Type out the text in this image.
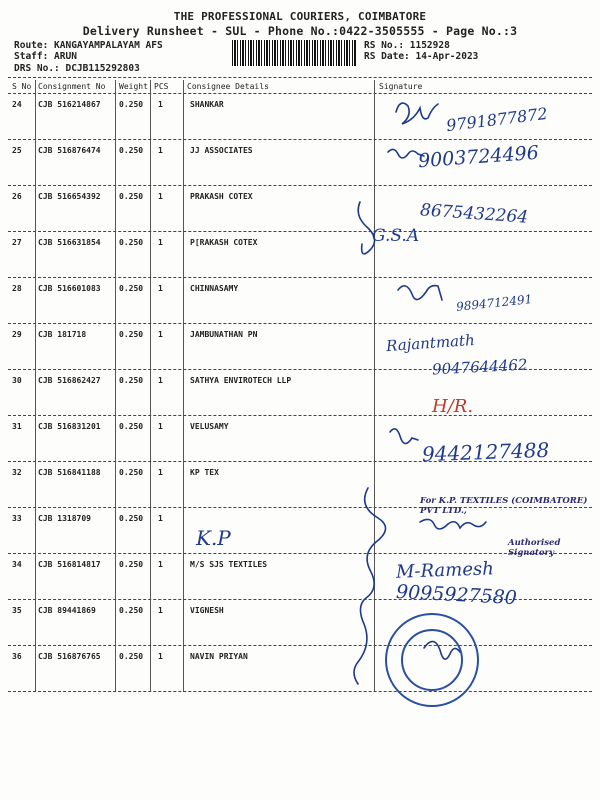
THE PROFESSIONAL COURIERS, COIMBATORE
Delivery Runsheet - SUL - Phone No.:0422-3505555 - Page No.:3
Route: KANGAYAMPALAYAM AFS
Staff: ARUN
DRS No.: DCJB115292803
RS No.: 1152928
RS Date: 14-Apr-2023
S No Consignment No Weight PCS Consignee Details	Signature
24 CJB 516214867 0.250 1	SHANKAR
25 CJB 516876474 0.250 1	JJ ASSOCIATES
26 CJB 516654392 0.250 1	PRAKASH COTEX
27 CJB 516631854 0.250 1	P[RAKASH COTEX
28 CJB 516601083 0.250 1	CHINNASAMY
29 CJB 181718	0.250 1	JAMBUNATHAN PN
30 CJB 516862427 0.250 1	SATHYA ENVIROTECH LLP
31 CJB 516831201 0.250 1	VELUSAMY
32 CJB 516841188 0.250 1	KP TEX
33 CJB 1318709	0.250 1
34 CJB 516814817 0.250 1	M/S SJS TEXTILES
35 CJB 89441869	0.250 1	VIGNESH
36 CJB 516876765 0.250 1	NAVIN PRIYAN
9791877872
9003724496
8675432264
G.S.A
9894712491
Rajantmath
9047644462
H/R.
9442127488
K.P
M-Ramesh
9095927580
For K.P. TEXTILES (COIMBATORE) PVT LTD.,
Authorised Signatory
